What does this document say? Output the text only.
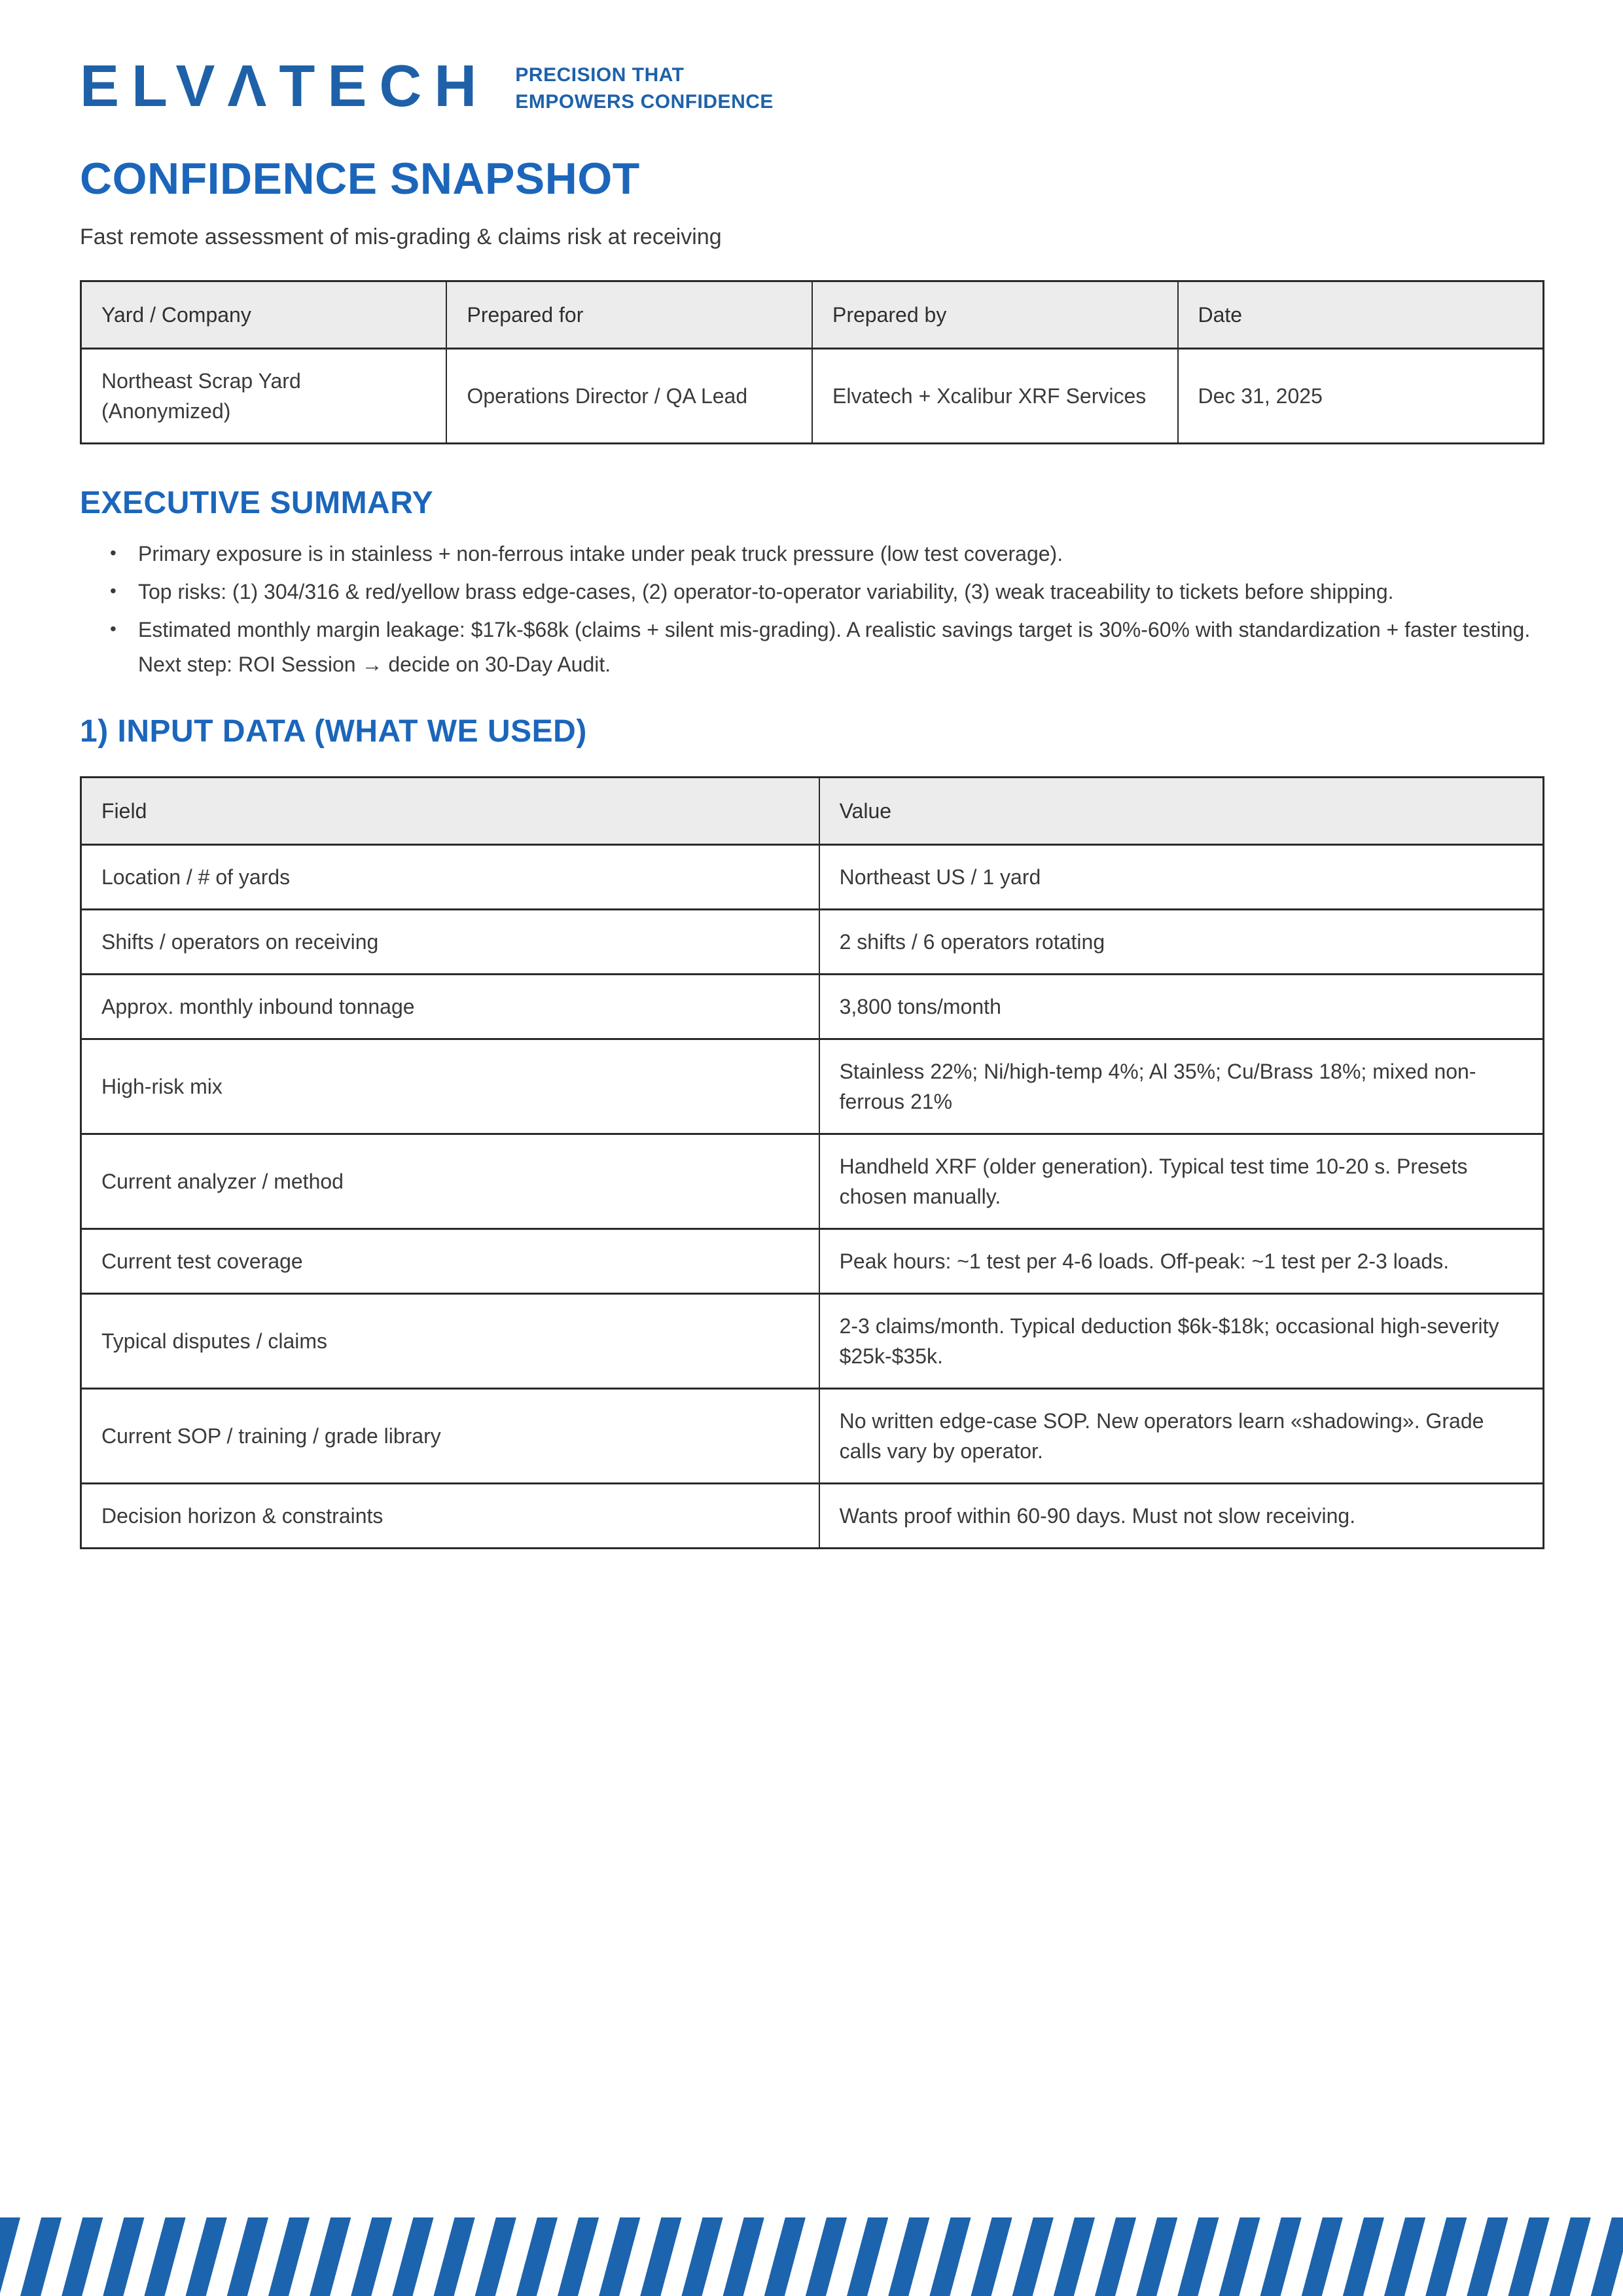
ELVΛTECH PRECISION THAT
EMPOWERS CONFIDENCE
CONFIDENCE SNAPSHOT

Fast remote assessment of mis-grading & claims risk at receiving

Yard / Company	Prepared for	Prepared by	Date
Northeast Scrap Yard (Anonymized)	Operations Director / QA Lead	Elvatech + Xcalibur XRF Services	Dec 31, 2025
EXECUTIVE SUMMARY
• Primary exposure is in stainless + non-ferrous intake under peak truck pressure (low test coverage).
• Top risks: (1) 304/316 & red/yellow brass edge-cases, (2) operator-to-operator variability, (3) weak traceability to tickets before shipping.
• Estimated monthly margin leakage: $17k-$68k (claims + silent mis-grading). A realistic savings target is 30%-60% with standardization + faster testing. Next step: ROI Session → decide on 30-Day Audit.
1) INPUT DATA (WHAT WE USED)
Field	Value
Location / # of yards	Northeast US / 1 yard
Shifts / operators on receiving	2 shifts / 6 operators rotating
Approx. monthly inbound tonnage	3,800 tons/month
High-risk mix	Stainless 22%; Ni/high-temp 4%; Al 35%; Cu/Brass 18%; mixed non-ferrous 21%
Current analyzer / method	Handheld XRF (older generation). Typical test time 10-20 s. Presets chosen manually.
Current test coverage	Peak hours: ~1 test per 4-6 loads. Off-peak: ~1 test per 2-3 loads.
Typical disputes / claims	2-3 claims/month. Typical deduction $6k-$18k; occasional high-severity $25k-$35k.
Current SOP / training / grade library	No written edge-case SOP. New operators learn «shadowing». Grade calls vary by operator.
Decision horizon & constraints	Wants proof within 60-90 days. Must not slow receiving.
